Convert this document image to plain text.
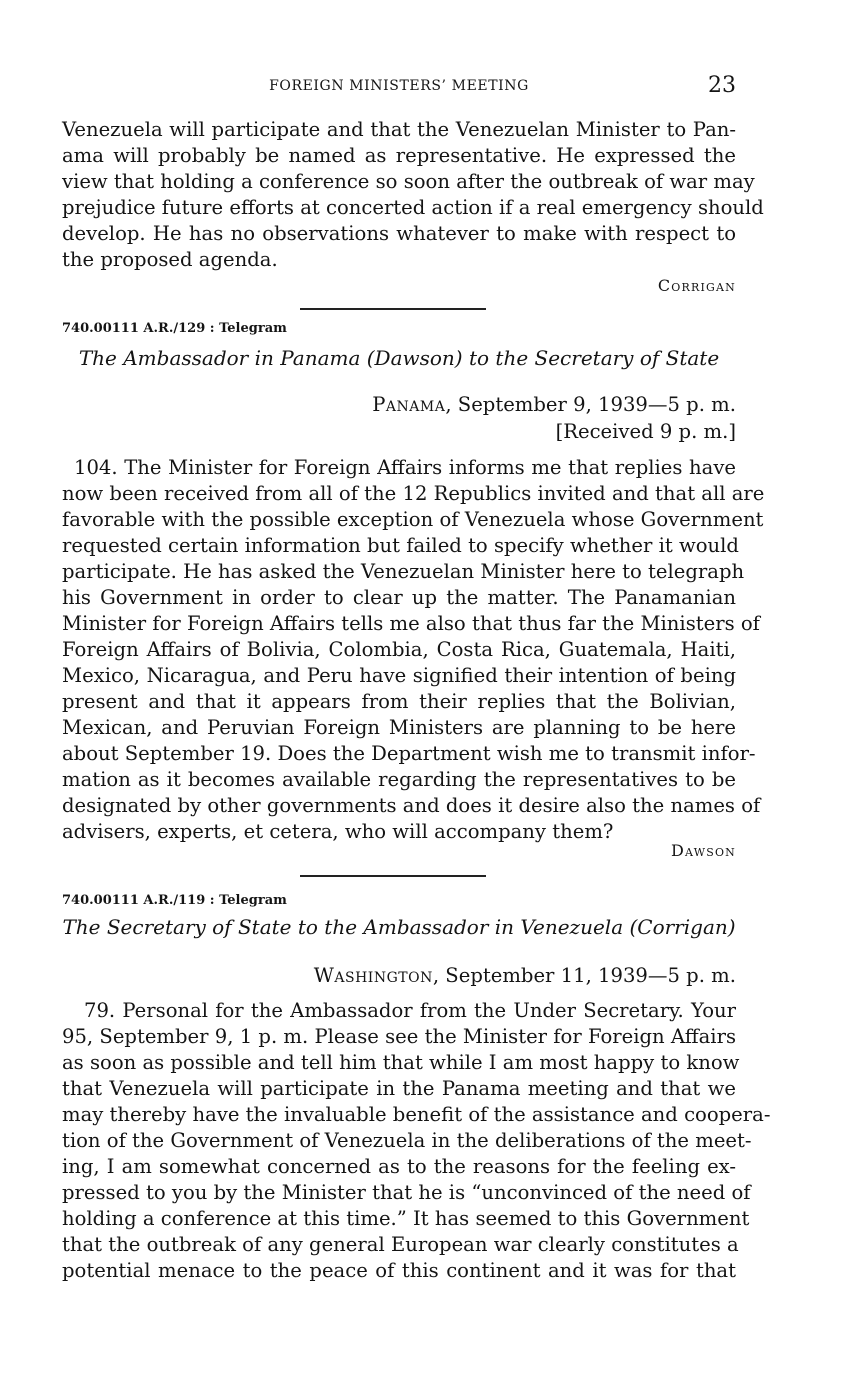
FOREIGN MINISTERS’ MEETING	23

Venezuela will participate and that the Venezuelan Minister to Pan-
ama will probably be named as representative. He expressed the
view that holding a conference so soon after the outbreak of war may
prejudice future efforts at concerted action if a real emergency should
develop. He has no observations whatever to make with respect to
the proposed agenda.

Corrigan
740.00111 A.R./129 : Telegram
The Ambassador in Panama (Dawson) to the Secretary of State
Panama, September 9, 1939—5 p. m.
[Received 9 p. m.]

104. The Minister for Foreign Affairs informs me that replies have
now been received from all of the 12 Republics invited and that all are
favorable with the possible exception of Venezuela whose Government
requested certain information but failed to specify whether it would
participate. He has asked the Venezuelan Minister here to telegraph
his Government in order to clear up the matter. The Panamanian
Minister for Foreign Affairs tells me also that thus far the Ministers of
Foreign Affairs of Bolivia, Colombia, Costa Rica, Guatemala, Haiti,
Mexico, Nicaragua, and Peru have signified their intention of being
present and that it appears from their replies that the Bolivian,
Mexican, and Peruvian Foreign Ministers are planning to be here
about September 19. Does the Department wish me to transmit infor-
mation as it becomes available regarding the representatives to be
designated by other governments and does it desire also the names of
advisers, experts, et cetera, who will accompany them?

Dawson
740.00111 A.R./119 : Telegram
The Secretary of State to the Ambassador in Venezuela (Corrigan)
Washington, September 11, 1939—5 p. m.

79. Personal for the Ambassador from the Under Secretary. Your
95, September 9, 1 p. m. Please see the Minister for Foreign Affairs
as soon as possible and tell him that while I am most happy to know
that Venezuela will participate in the Panama meeting and that we
may thereby have the invaluable benefit of the assistance and coopera-
tion of the Government of Venezuela in the deliberations of the meet-
ing, I am somewhat concerned as to the reasons for the feeling ex-
pressed to you by the Minister that he is “unconvinced of the need of
holding a conference at this time.” It has seemed to this Government
that the outbreak of any general European war clearly constitutes a
potential menace to the peace of this continent and it was for that
